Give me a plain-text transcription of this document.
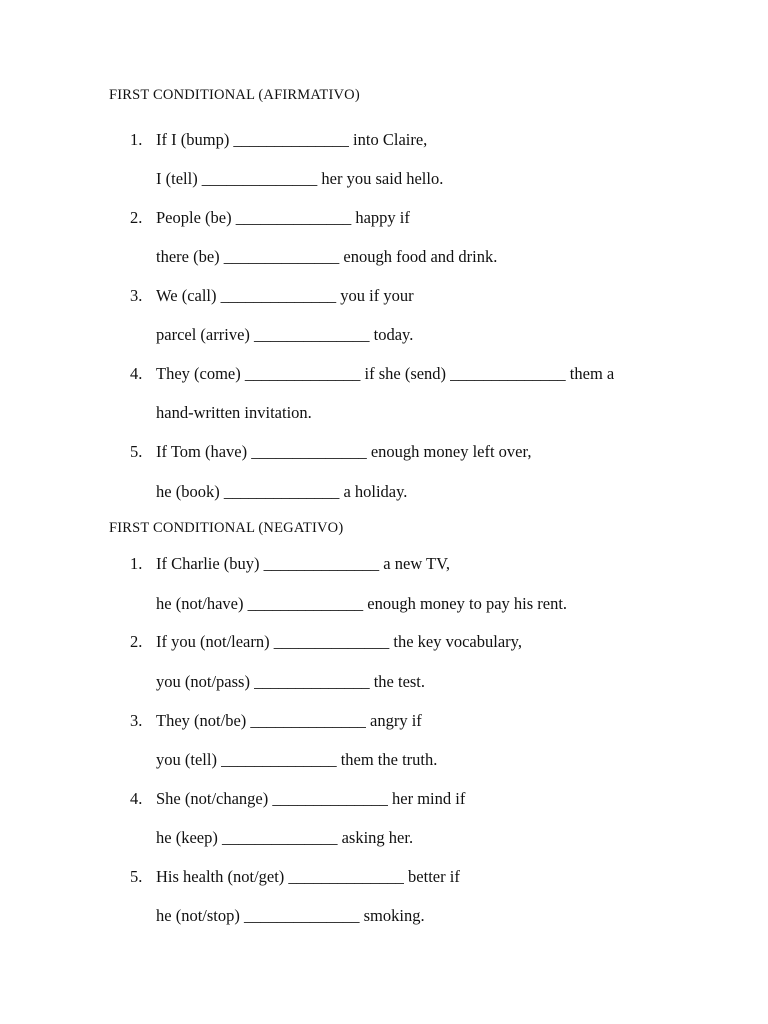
FIRST CONDITIONAL (AFIRMATIVO)
1. If I (bump) ______________ into Claire,
I (tell) ______________ her you said hello.
2. People (be) ______________ happy if
there (be) ______________ enough food and drink.
3. We (call) ______________ you if your
parcel (arrive) ______________ today.
4. They (come) ______________ if she (send) ______________ them a
hand-written invitation.
5. If Tom (have) ______________ enough money left over,
he (book) ______________ a holiday.
FIRST CONDITIONAL (NEGATIVO)
1. If Charlie (buy) ______________ a new TV,
he (not/have) ______________ enough money to pay his rent.
2. If you (not/learn) ______________ the key vocabulary,
you (not/pass) ______________ the test.
3. They (not/be) ______________ angry if
you (tell) ______________ them the truth.
4. She (not/change) ______________ her mind if
he (keep) ______________ asking her.
5. His health (not/get) ______________ better if
he (not/stop) ______________ smoking.
